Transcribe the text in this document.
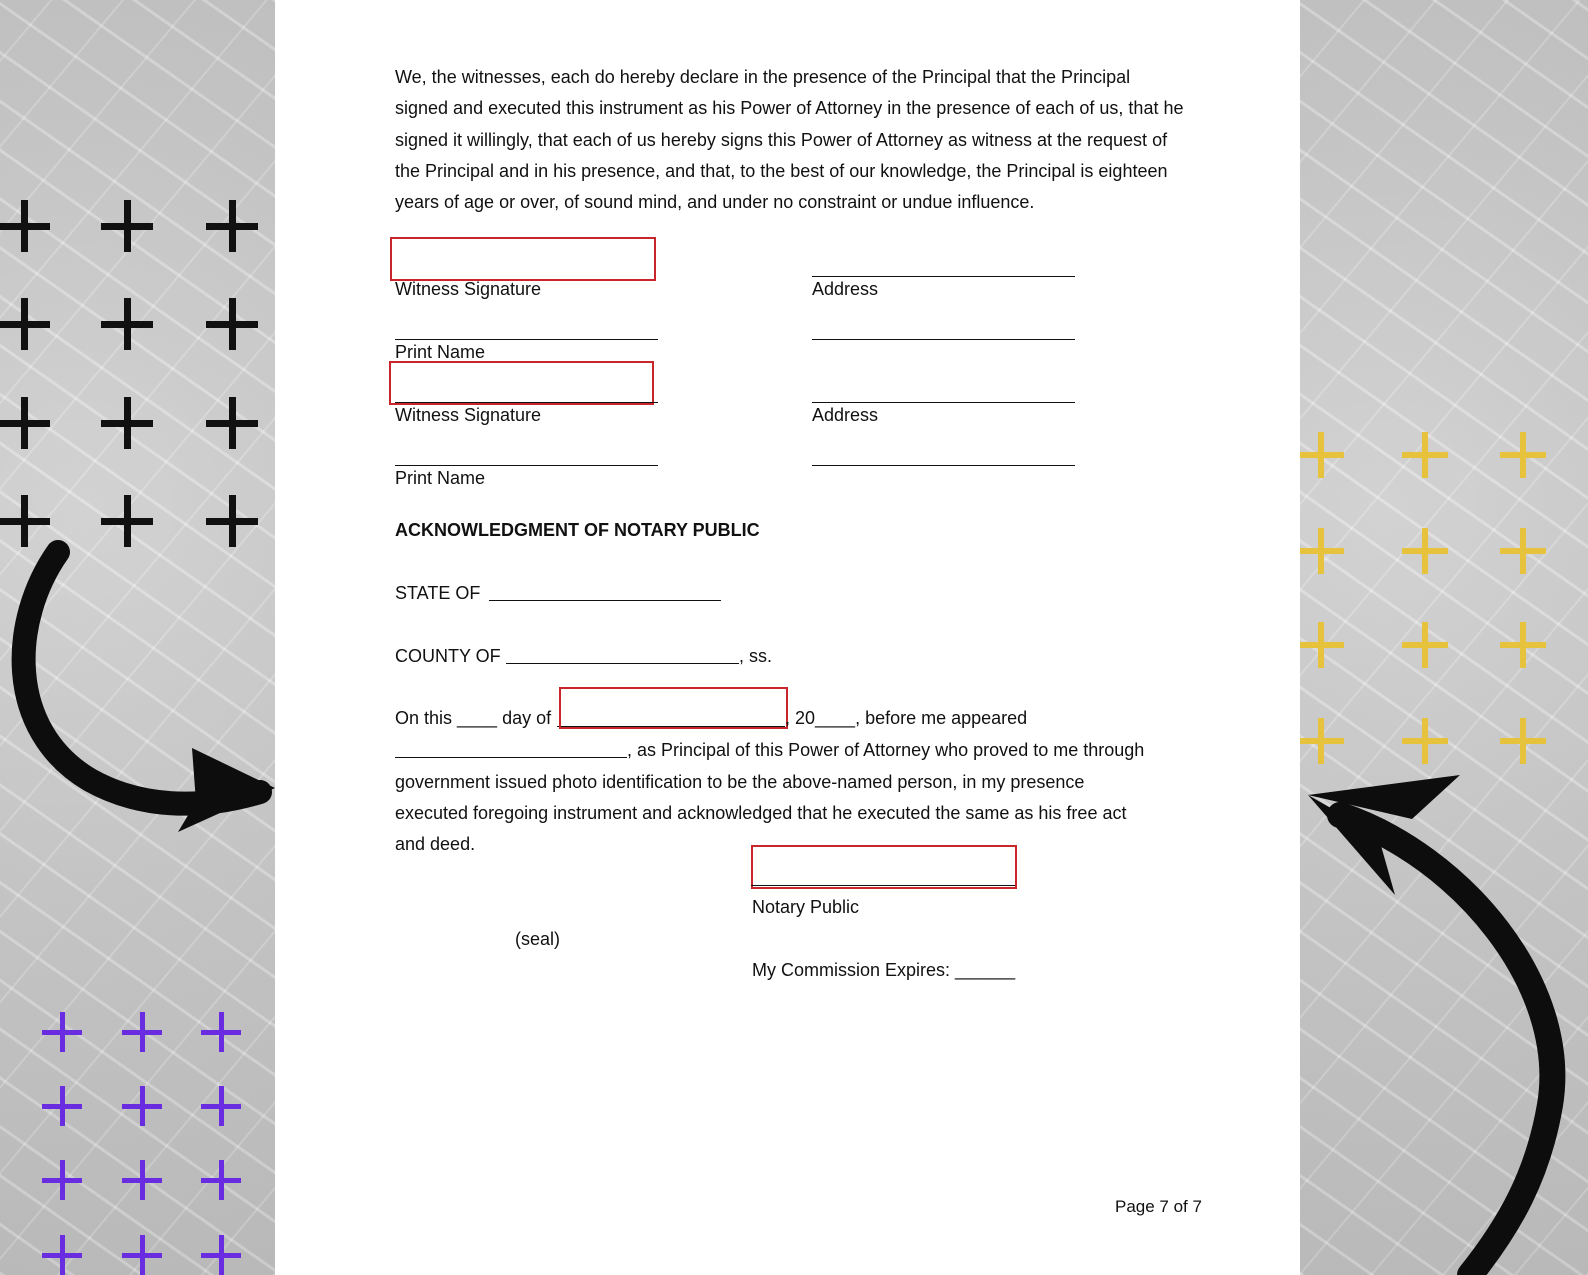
We, the witnesses, each do hereby declare in the presence of the Principal that the Principal signed and executed this instrument as his Power of Attorney in the presence of each of us, that he signed it willingly, that each of us hereby signs this Power of Attorney as witness at the request of the Principal and in his presence, and that, to the best of our knowledge, the Principal is eighteen years of age or over, of sound mind, and under no constraint or undue influence.

Witness Signature	Address
Print Name
Witness Signature	Address
Print Name
ACKNOWLEDGMENT OF NOTARY PUBLIC
STATE OF
COUNTY OF	, ss.
On this ____ day of	, 20____, before me appeared
, as Principal of this Power of Attorney who proved to me through
government issued photo identification to be the above-named person, in my presence
executed foregoing instrument and acknowledged that he executed the same as his free act
and deed.
Notary Public
(seal)
My Commission Expires: ______
Page 7 of 7
